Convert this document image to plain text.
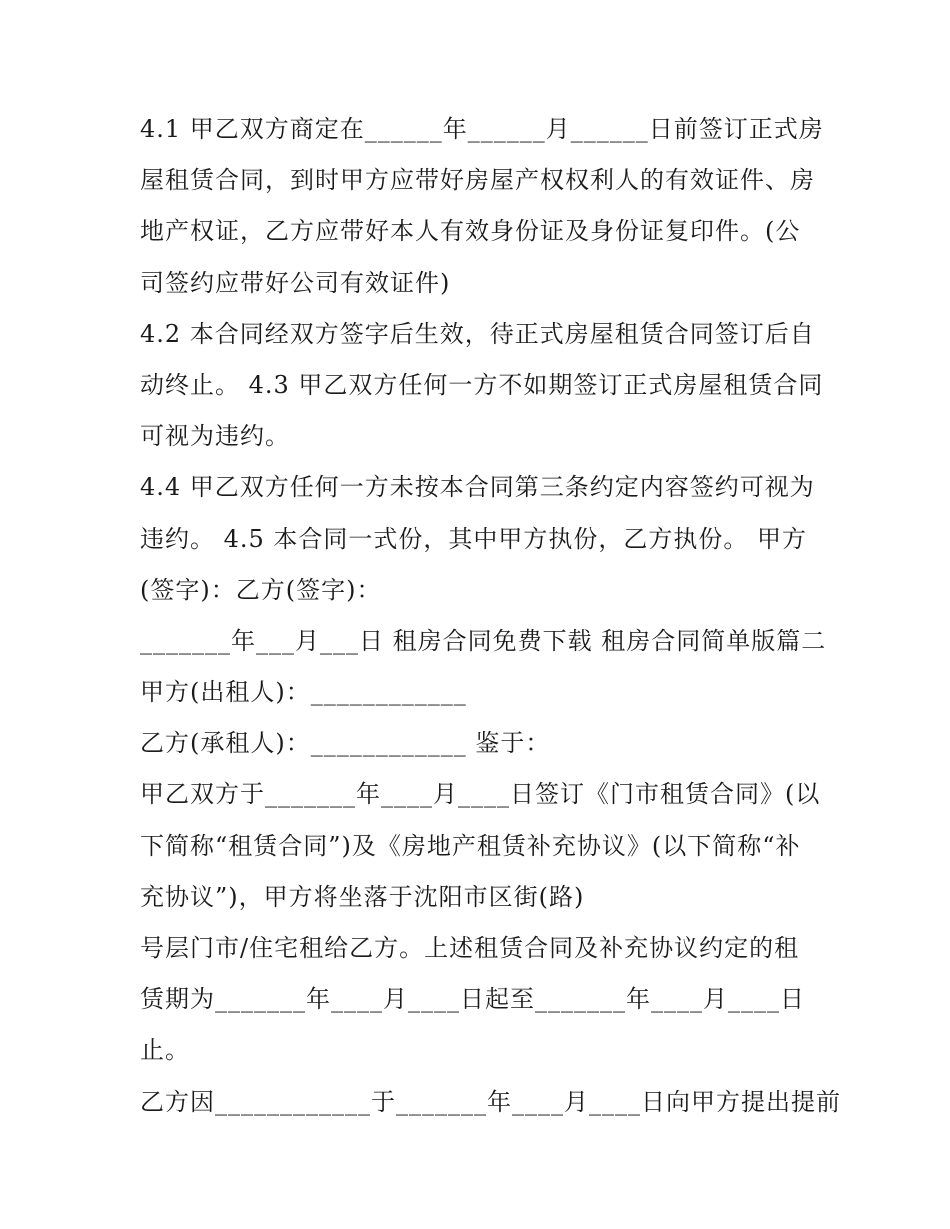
4.1 甲乙双方商定在______年______月______日前签订正式房
屋租赁合同，到时甲方应带好房屋产权权利人的有效证件、房
地产权证，乙方应带好本人有效身份证及身份证复印件。(公
司签约应带好公司有效证件)
4.2 本合同经双方签字后生效，待正式房屋租赁合同签订后自
动终止。 4.3 甲乙双方任何一方不如期签订正式房屋租赁合同
可视为违约。
4.4 甲乙双方任何一方未按本合同第三条约定内容签约可视为
违约。 4.5 本合同一式份，其中甲方执份，乙方执份。 甲方
(签字)：乙方(签字)：
_______年___月___日 租房合同免费下载 租房合同简单版篇二
甲方(出租人)：____________
乙方(承租人)：____________ 鉴于：
甲乙双方于_______年____月____日签订《门市租赁合同》(以
下简称“租赁合同”)及《房地产租赁补充协议》(以下简称“补
充协议”)，甲方将坐落于沈阳市区街(路)
号层门市/住宅租给乙方。上述租赁合同及补充协议约定的租
赁期为_______年____月____日起至_______年____月____日
止。
乙方因____________于_______年____月____日向甲方提出提前
